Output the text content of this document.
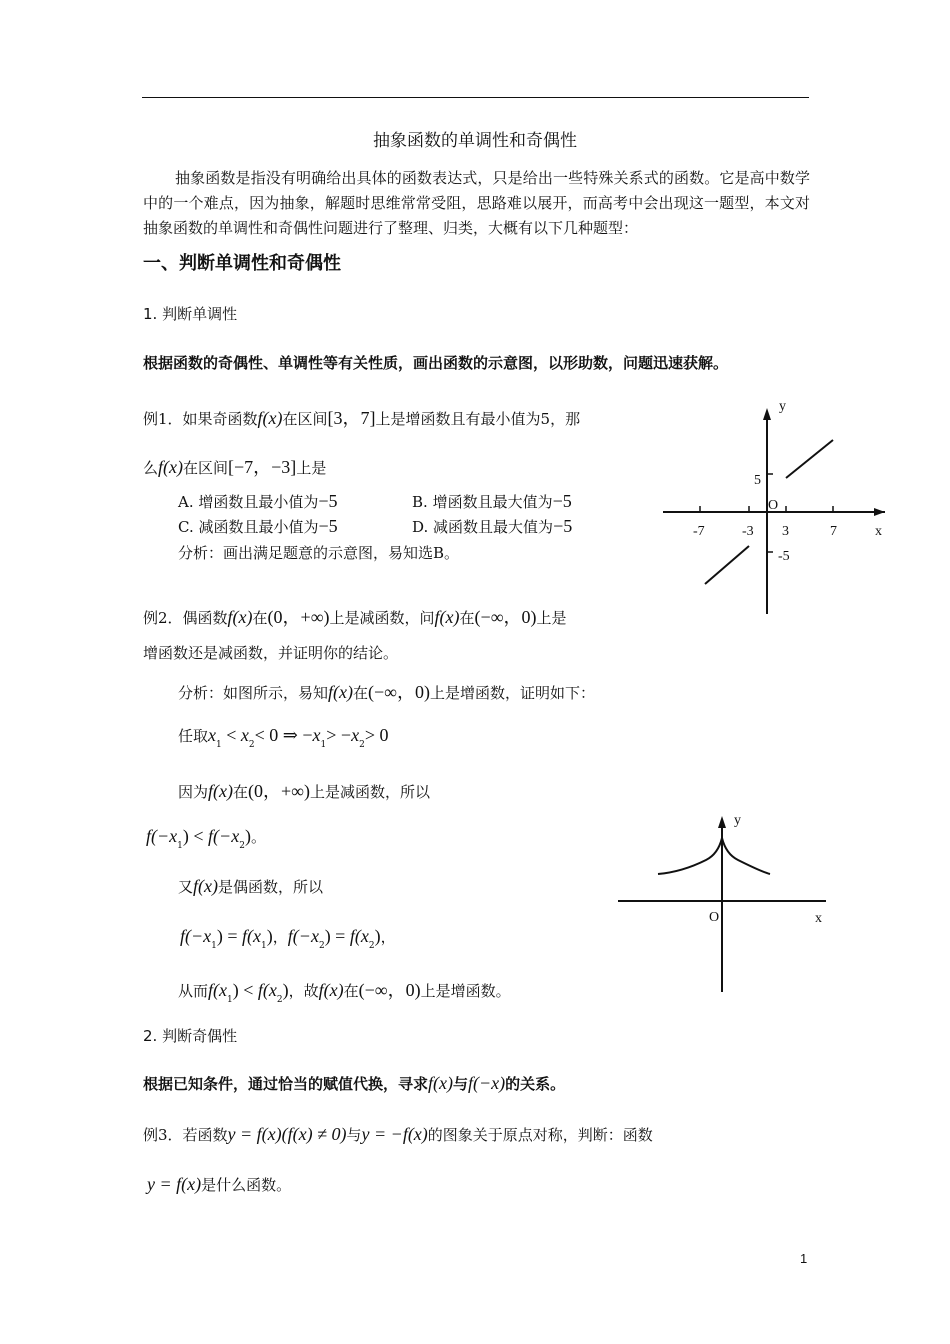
抽象函数的单调性和奇偶性
抽象函数是指没有明确给出具体的函数表达式，只是给出一些特殊关系式的函数。它是高中数学中的一个难点，因为抽象，解题时思维常常受阻，思路难以展开，而高考中会出现这一题型，本文对抽象函数的单调性和奇偶性问题进行了整理、归类，大概有以下几种题型：
一、判断单调性和奇偶性
1. 判断单调性
根据函数的奇偶性、单调性等有关性质，画出函数的示意图，以形助数，问题迅速获解。
例1．如果奇函数f(x)在区间[3，7]上是增函数且有最小值为5，那
么f(x)在区间[−7，−3]上是
A. 增函数且最小值为−5	B. 增函数且最大值为−5
C. 减函数且最小值为−5	D. 减函数且最大值为−5
分析：画出满足题意的示意图，易知选B。
y
x
O
5
-5
-7	-3 3	7
例2．偶函数f(x)在(0，+∞)上是减函数，问f(x)在(−∞，0)上是
增函数还是减函数，并证明你的结论。
分析：如图所示，易知f(x)在(−∞，0)上是增函数，证明如下：
任取$x_1 < x_2< 0$ ⇒ $-x_1> -x_2> 0$
因为f(x)在(0，+∞)上是减函数，所以
$f(-x_1) < f(-x_2)$。
又f(x)是偶函数，所以
$f(-x_1) = f(x_1)$，$f(-x_2) = f(x_2)$，
从而$f(x_1) < f(x_2)$，故f(x)在(−∞，0)上是增函数。
y
x
O
2. 判断奇偶性
根据已知条件，通过恰当的赋值代换，寻求f(x)与f(−x)的关系。
例3．若函数y = f(x)(f(x) ≠ 0)与y = −f(x)的图象关于原点对称，判断：函数
y = f(x)是什么函数。
1
